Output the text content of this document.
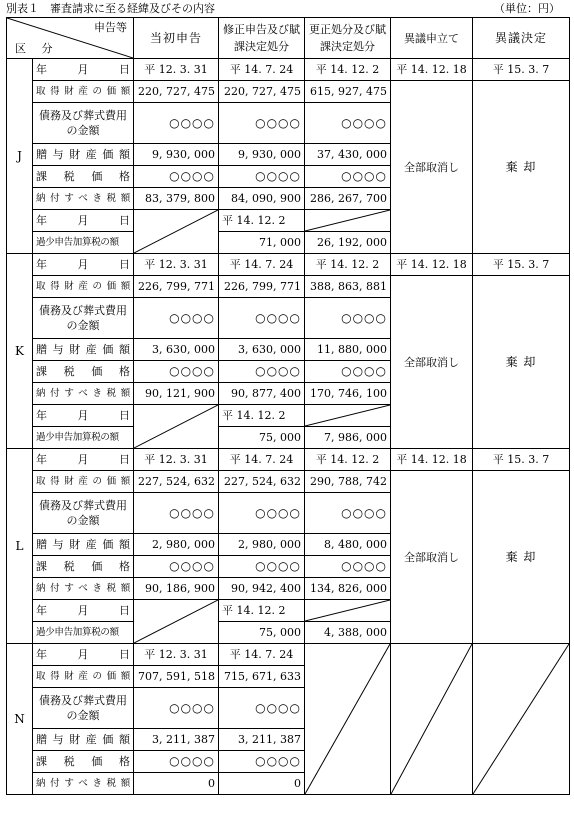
別表１　審査請求に至る経緯及びその内容	（単位：円）
申告等
区 分		当初申告	修正申告及び賦課決定処分	更正処分及び賦課決定処分	異議申立て	異議決定
J	年 月 日	平 12. 3. 31	平 14. 7. 24	平 14. 12. 2	平 14. 12. 18	平 15. 3. 7
	取得財産の価額	220, 727, 475	220, 727, 475	615, 927, 475	全部取消し	棄 却
	債務及び葬式費用の金額	○○○○	○○○○	○○○○		
	贈与財産価額	9, 930, 000	9, 930, 000	37, 430, 000		
	課税価格	○○○○	○○○○	○○○○		
	納付すべき税額	83, 379, 800	84, 090, 900	286, 267, 700		
	年 月 日		平 14. 12. 2	

	過少申告加算税の額		71, 000	26, 192, 000		
K	年 月 日	平 12. 3. 31	平 14. 7. 24	平 14. 12. 2	平 14. 12. 18	平 15. 3. 7
	取得財産の価額	226, 799, 771	226, 799, 771	388, 863, 881	全部取消し	棄 却
	債務及び葬式費用の金額	○○○○	○○○○	○○○○		
	贈与財産価額	3, 630, 000	3, 630, 000	11, 880, 000		
	課税価格	○○○○	○○○○	○○○○		
	納付すべき税額	90, 121, 900	90, 877, 400	170, 746, 100		
	年 月 日		平 14. 12. 2	

	過少申告加算税の額		75, 000	7, 986, 000		
L	年 月 日	平 12. 3. 31	平 14. 7. 24	平 14. 12. 2	平 14. 12. 18	平 15. 3. 7
	取得財産の価額	227, 524, 632	227, 524, 632	290, 788, 742	全部取消し	棄 却
	債務及び葬式費用の金額	○○○○	○○○○	○○○○		
	贈与財産価額	2, 980, 000	2, 980, 000	8, 480, 000		
	課税価格	○○○○	○○○○	○○○○		
	納付すべき税額	90, 186, 900	90, 942, 400	134, 826, 000		
	年 月 日		平 14. 12. 2	

	過少申告加算税の額		75, 000	4, 388, 000		
N	年 月 日	平 12. 3. 31	平 14. 7. 24	

	取得財産の価額	707, 591, 518	715, 671, 633			
	債務及び葬式費用の金額	○○○○	○○○○			
	贈与財産価額	3, 211, 387	3, 211, 387			
	課税価格	○○○○	○○○○			
	納付すべき税額	0	0			
